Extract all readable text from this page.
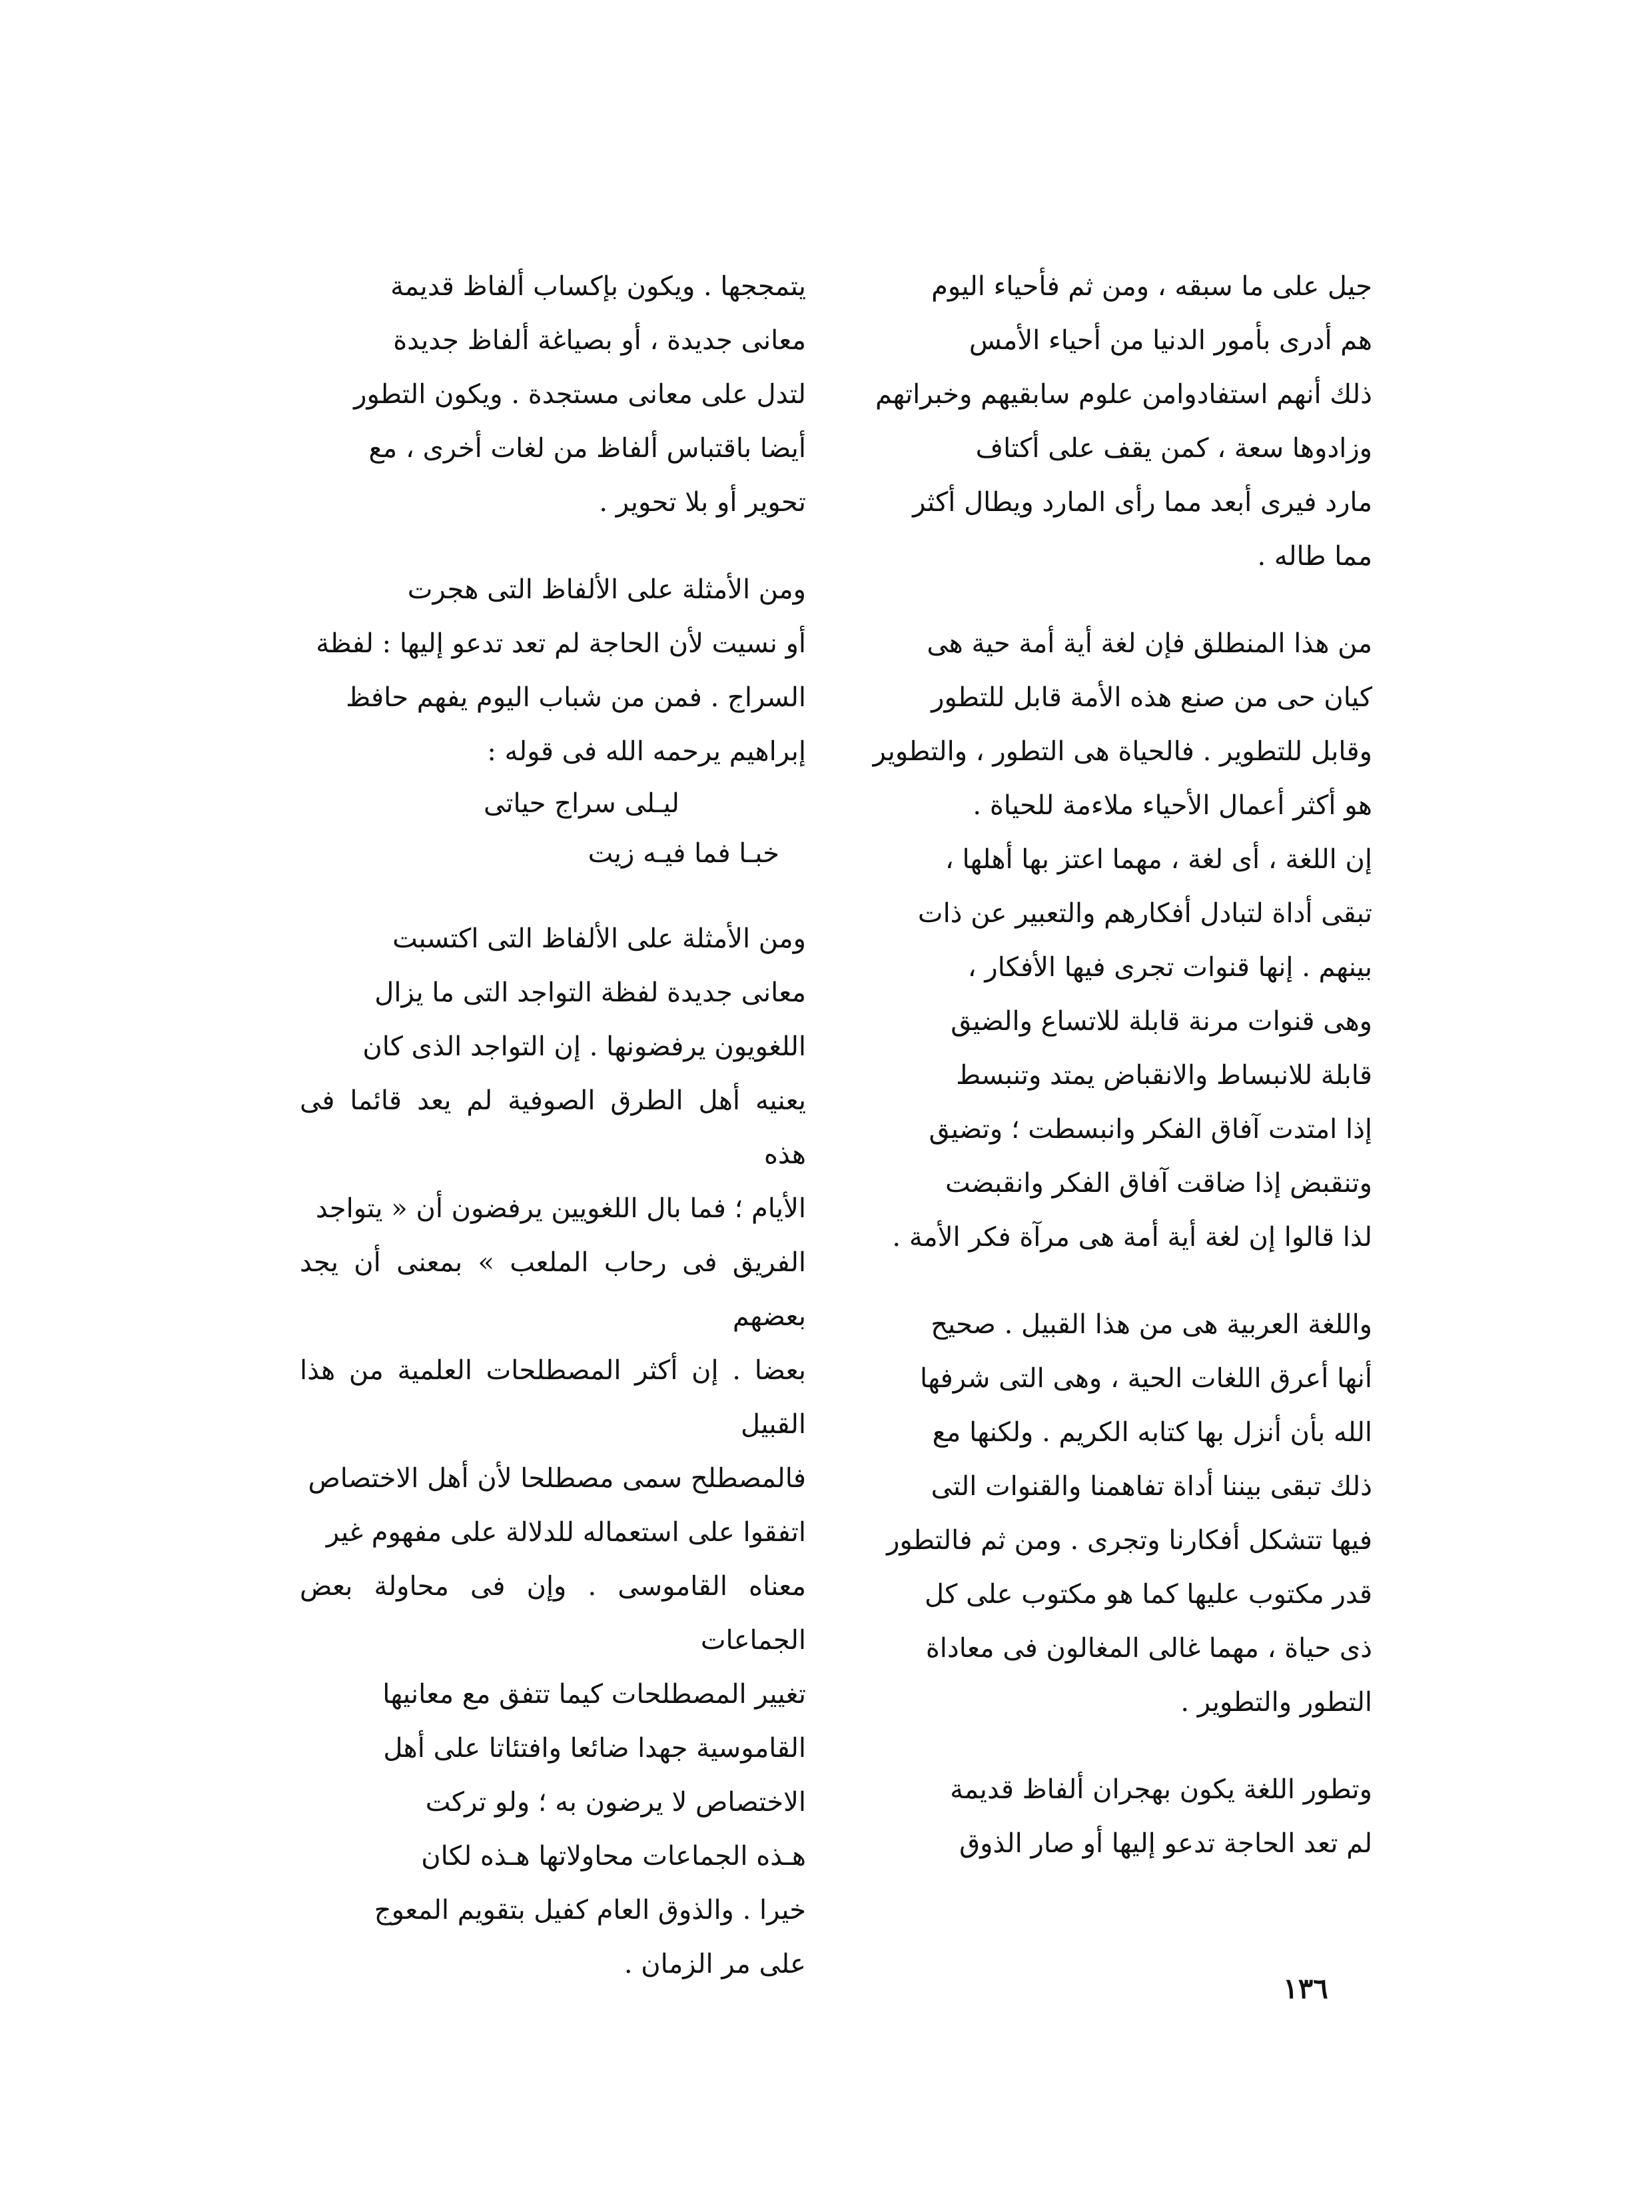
جيل على ما سبقه ، ومن ثم فأحياء اليوم
هم أدرى بأمور الدنيا من أحياء الأمس
ذلك أنهم استفادوامن علوم سابقيهم وخبراتهم
وزادوها سعة ، كمن يقف على أكتاف
مارد فيرى أبعد مما رأى المارد ويطال أكثر
مما طاله .

من هذا المنطلق فإن لغة أية أمة حية هى
كيان حى من صنع هذه الأمة قابل للتطور
وقابل للتطوير . فالحياة هى التطور ، والتطوير
هو أكثر أعمال الأحياء ملاءمة للحياة .
إن اللغة ، أى لغة ، مهما اعتز بها أهلها ،
تبقى أداة لتبادل أفكارهم والتعبير عن ذات
بينهم . إنها قنوات تجرى فيها الأفكار ،
وهى قنوات مرنة قابلة للاتساع والضيق
قابلة للانبساط والانقباض يمتد وتنبسط
إذا امتدت آفاق الفكر وانبسطت ؛ وتضيق
وتنقبض إذا ضاقت آفاق الفكر وانقبضت
لذا قالوا إن لغة أية أمة هى مرآة فكر الأمة .

واللغة العربية هى من هذا القبيل . صحيح
أنها أعرق اللغات الحية ، وهى التى شرفها
الله بأن أنزل بها كتابه الكريم . ولكنها مع
ذلك تبقى بيننا أداة تفاهمنا والقنوات التى
فيها تتشكل أفكارنا وتجرى . ومن ثم فالتطور
قدر مكتوب عليها كما هو مكتوب على كل
ذى حياة ، مهما غالى المغالون فى معاداة
التطور والتطوير .

وتطور اللغة يكون بهجران ألفاظ قديمة
لم تعد الحاجة تدعو إليها أو صار الذوق

يتمججها . ويكون بإكساب ألفاظ قديمة
معانى جديدة ، أو بصياغة ألفاظ جديدة
لتدل على معانى مستجدة . ويكون التطور
أيضا باقتباس ألفاظ من لغات أخرى ، مع
تحوير أو بلا تحوير .

ومن الأمثلة على الألفاظ التى هجرت
أو نسيت لأن الحاجة لم تعد تدعو إليها : لفظة
السراج . فمن من شباب اليوم يفهم حافظ
إبراهيم يرحمه الله فى قوله :

ليـلى سراج حياتى

خبـا فما فيـه زيت

ومن الأمثلة على الألفاظ التى اكتسبت
معانى جديدة لفظة التواجد التى ما يزال
اللغويون يرفضونها . إن التواجد الذى كان
يعنيه أهل الطرق الصوفية لم يعد قائما فى هذه
الأيام ؛ فما بال اللغويين يرفضون أن « يتواجد
الفريق فى رحاب الملعب » بمعنى أن يجد بعضهم
بعضا . إن أكثر المصطلحات العلمية من هذا القبيل
فالمصطلح سمى مصطلحا لأن أهل الاختصاص
اتفقوا على استعماله للدلالة على مفهوم غير
معناه القاموسى . وإن فى محاولة بعض الجماعات
تغيير المصطلحات كيما تتفق مع معانيها
القاموسية جهدا ضائعا وافتئاتا على أهل
الاختصاص لا يرضون به ؛ ولو تركت
هـذه الجماعات محاولاتها هـذه لكان
خيرا . والذوق العام كفيل بتقويم المعوج
على مر الزمان .

١٣٦
